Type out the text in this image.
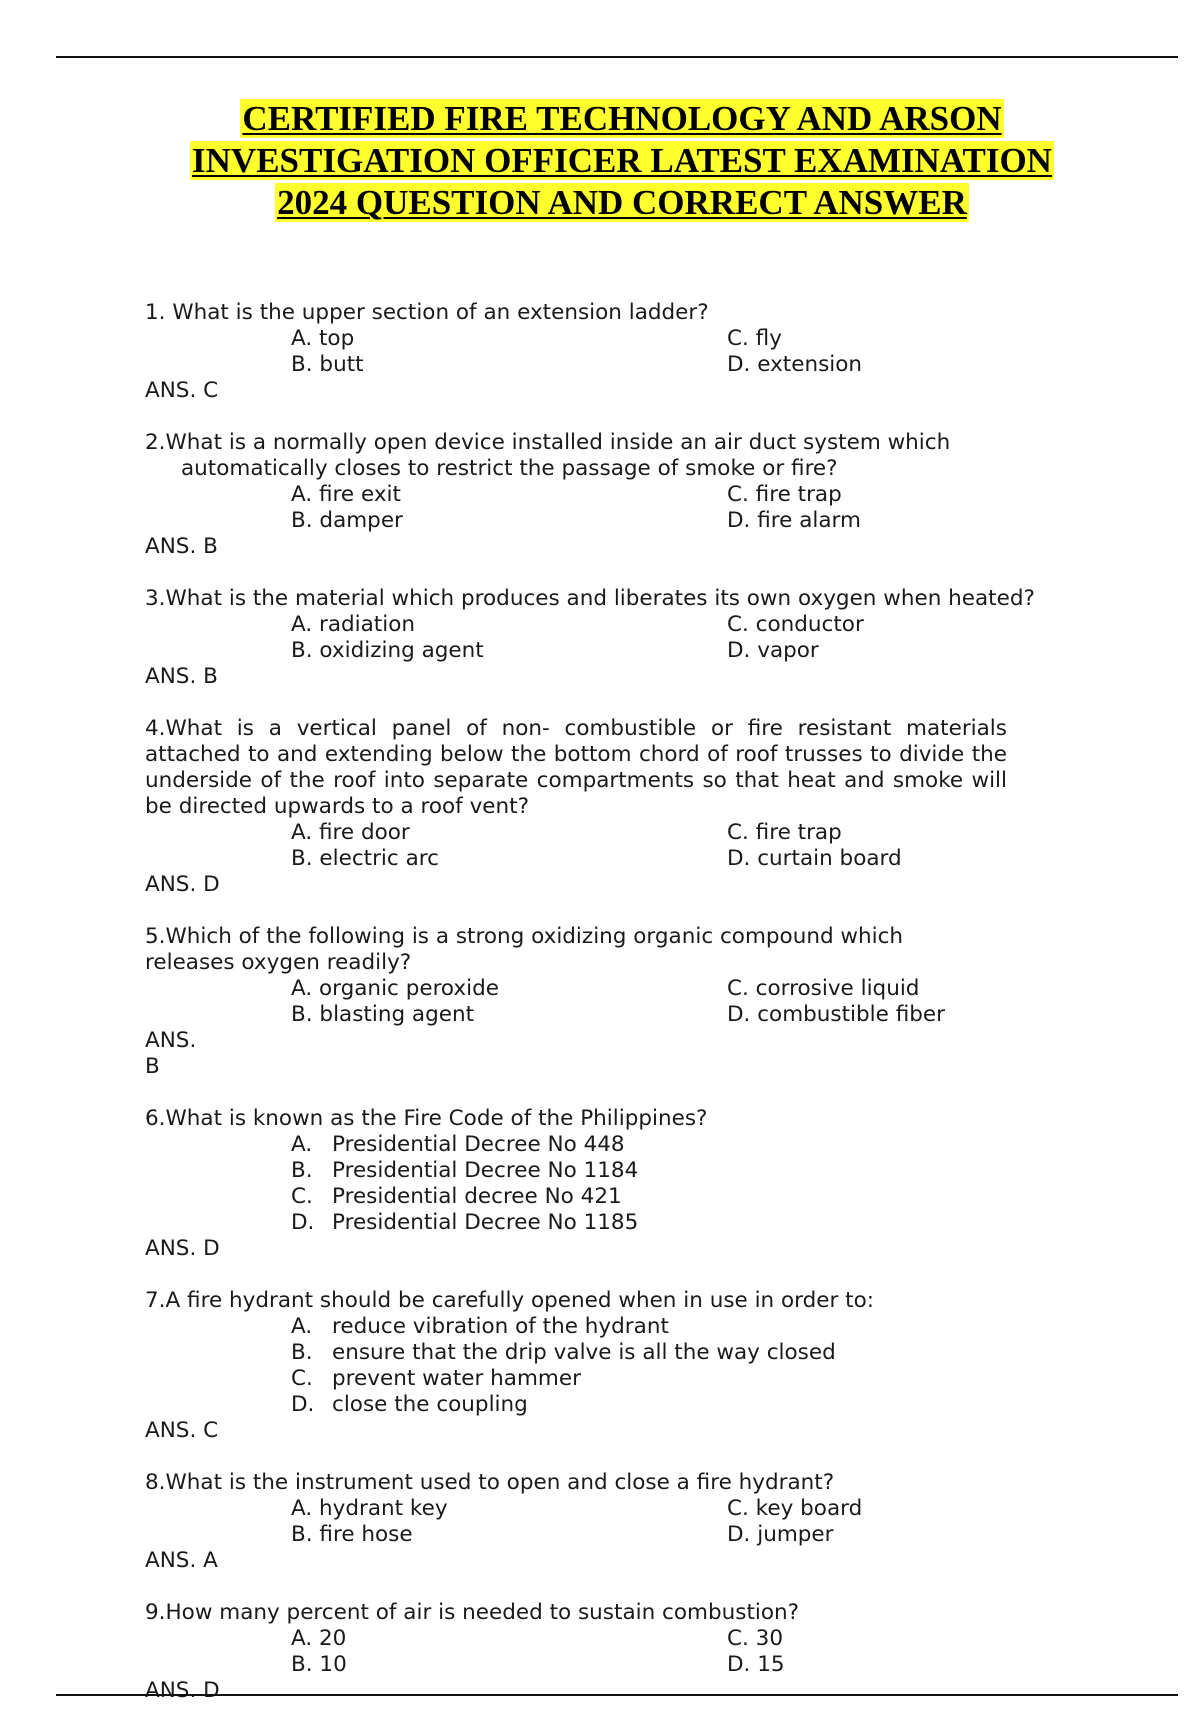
CERTIFIED FIRE TECHNOLOGY AND ARSON
INVESTIGATION OFFICER LATEST EXAMINATION
2024 QUESTION AND CORRECT ANSWER
1. What is the upper section of an extension ladder?
A. top	C. fly
B. butt	D. extension
ANS. C
2.What is a normally open device installed inside an air duct system which automatically closes to restrict the passage of smoke or fire?
A. fire exit	C. fire trap
B. damper	D. fire alarm
ANS. B
3.What is the material which produces and liberates its own oxygen when heated?
A. radiation	C. conductor
B. oxidizing agent	D. vapor
ANS. B
4.What is a vertical panel of non- combustible or fire resistant materials attached to and extending below the bottom chord of roof trusses to divide the underside of the roof into separate compartments so that heat and smoke will be directed upwards to a roof vent?
A. fire door	C. fire trap
B. electric arc	D. curtain board
ANS. D
5.Which of the following is a strong oxidizing organic compound which releases oxygen readily?
A. organic peroxide	C. corrosive liquid
B. blasting agent	D. combustible fiber
ANS.
B
6.What is known as the Fire Code of the Philippines?
A. Presidential Decree No 448
B. Presidential Decree No 1184
C. Presidential decree No 421
D. Presidential Decree No 1185
ANS. D
7.A fire hydrant should be carefully opened when in use in order to:
A. reduce vibration of the hydrant
B. ensure that the drip valve is all the way closed
C. prevent water hammer
D. close the coupling
ANS. C
8.What is the instrument used to open and close a fire hydrant?
A. hydrant key	C. key board
B. fire hose	D. jumper
ANS. A
9.How many percent of air is needed to sustain combustion?
A. 20	C. 30
B. 10	D. 15
ANS. D
